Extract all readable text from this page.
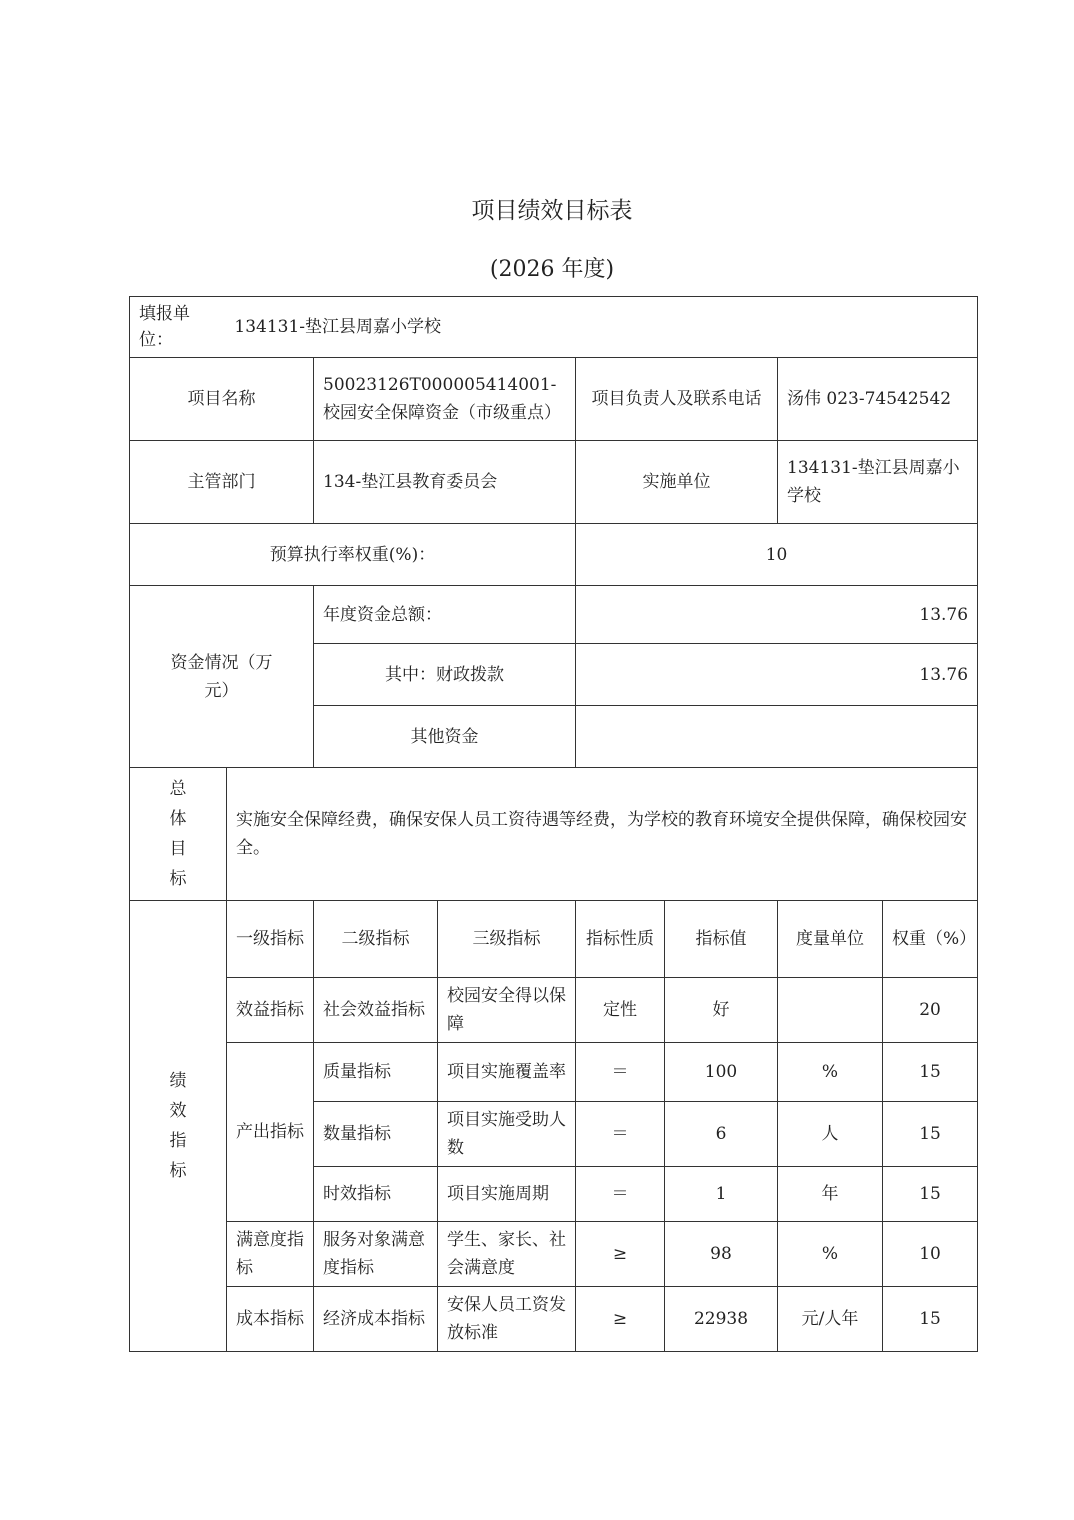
项目绩效目标表
(2026 年度)
填报单位： 134131-垫江县周嘉小学校							
项目名称		50023126T000005414001-校园安全保障资金（市级重点）		项目负责人及联系电话		汤伟 023-74542542	
主管部门		134-垫江县教育委员会		实施单位		134131-垫江县周嘉小学校	
预算执行率权重(%)：				10			
资金情况（万元）		年度资金总额：		13.76			
		其中：财政拨款		13.76			
		其他资金					
总体目标	实施安全保障经费，确保安保人员工资待遇等经费，为学校的教育环境安全提供保障，确保校园安全。						
绩效指标	一级指标	二级指标	三级指标	指标性质	指标值	度量单位	权重（%）
	效益指标	社会效益指标	校园安全得以保障	定性	好		20
	产出指标	质量指标	项目实施覆盖率	＝	100	%	15
		数量指标	项目实施受助人数	＝	6	人	15
		时效指标	项目实施周期	＝	1	年	15
	满意度指标	服务对象满意度指标	学生、家长、社会满意度	≥	98	%	10
	成本指标	经济成本指标	安保人员工资发放标准	≥	22938	元/人年	15
